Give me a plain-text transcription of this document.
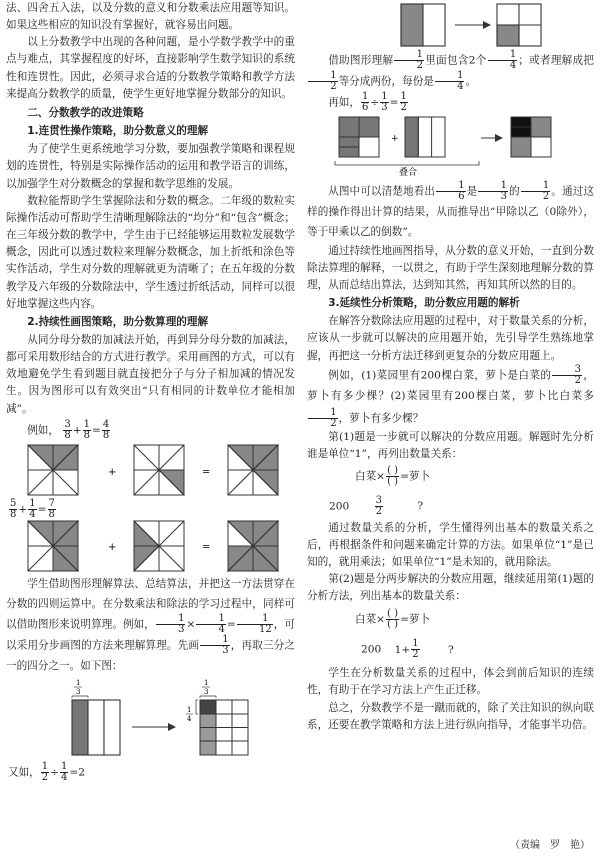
法、四舍五入法，以及分数的意义和分数乘法应用题等知识。如果这些相应的知识没有掌握好，就容易出问题。

以上分数教学中出现的各种问题，是小学数学教学中的重点与难点，其掌握程度的好坏，直接影响学生数学知识的系统性和连贯性。因此，必须寻求合适的分数教学策略和教学方法来提高分数教学的质量，使学生更好地掌握分数部分的知识。

二、分数教学的改进策略
1.连贯性操作策略，助分数意义的理解

为了使学生更系统地学习分数，要加强教学策略和课程规划的连贯性，特别是实际操作活动的运用和教学语言的训练，以加强学生对分数概念的掌握和数学思维的发展。

数粒能帮助学生掌握除法和分数的概念。二年级的数粒实际操作活动可帮助学生清晰理解除法的“均分”和“包含”概念；在三年级分数的教学中，学生由于已经能够运用数粒发展数学概念，因此可以透过数粒来理解分数概念，加上折纸和涂色等实作活动，学生对分数的理解就更为清晰了；在五年级的分数教学及六年级的分数除法中，学生透过折纸活动，同样可以很好地掌握这些内容。

2.持续性画图策略，助分数算理的理解

从同分母分数的加减法开始，再到异分母分数的加减法，都可采用数形结合的方式进行教学。采用画图的方式，可以有效地避免学生看到题目就直接把分子与分子相加减的情况发生。因为图形可以有效突出“只有相同的计数单位才能相加减”。

例如， $\frac{3}{8} + \frac{1}{8} = \frac{4}{8}$
+	=
$\frac{5}{8} + \frac{1}{4} = \frac{7}{8}$
+	=

学生借助图形理解算法、总结算法，并把这一方法贯穿在分数的四则运算中。在分数乘法和除法的学习过程中，同样可以借助图形来说明算理。例如， $\frac{1}{3} \times \frac{1}{4} = \frac{1}{12}$ ，可以采用分步画图的方法来理解算理。先画 $\frac{1}{3}$ ，再取三分之一的四分之一。如下图：

1
3
1
3
1
4
又如， $\frac{1}{2} \div \frac{1}{4} =2$

借助图形理解 $\frac{1}{2}$ 里面包含2个 $\frac{1}{4}$ ；或者理解成把
$\frac{1}{2}$ 等分成两份，每份是 $\frac{1}{4}$ 。

再如， $\frac{1}{6} \div \frac{1}{3} = \frac{1}{2}$
+
叠合

从图中可以清楚地看出 $\frac{1}{6}$ 是 $\frac{1}{3}$ 的 $\frac{1}{2}$ 。通过这样的操作得出计算的结果，从而推导出“甲除以乙（0除外），等于甲乘以乙的倒数”。

通过持续性地画图指导，从分数的意义开始，一直到分数除法算理的解释，一以贯之，有助于学生深刻地理解分数的算理，从而总结出算法，达到知其然，再知其所以然的目的。

3.延续性分析策略，助分数应用题的解析

在解答分数除法应用题的过程中，对于数量关系的分析，应该从一步就可以解决的应用题开始，先引导学生熟练地掌握，再把这一分析方法迁移到更复杂的分数应用题上。

例如，(1)菜园里有200棵白菜，萝卜是白菜的 $\frac{3}{2}$ ，萝卜有多少棵？(2)菜园里有200棵白菜，萝卜比白菜多
$\frac{1}{2}$ ，萝卜有多少棵？

第(1)题是一步就可以解决的分数应用题。解题时先分析谁是单位“1”，再列出数量关系：

白菜× $\frac{( )}{( )}$ =萝卜
200	$\frac{3}{2}$	?

通过数量关系的分析，学生懂得列出基本的数量关系之后，再根据条件和问题来确定计算的方法。如果单位“1”是已知的，就用乘法；如果单位“1”是未知的，就用除法。

第(2)题是分两步解决的分数应用题，继续延用第(1)题的分析方法，列出基本的数量关系：

白菜× $\frac{( )}{( )}$ =萝卜
200 $1+ \frac{1}{2}$	?

学生在分析数量关系的过程中，体会到前后知识的连续性，有助于在学习方法上产生正迁移。

总之，分数教学不是一蹴而就的，除了关注知识的纵向联系，还要在教学策略和方法上进行纵向指导，才能事半功倍。

（责编　罗　艳）
